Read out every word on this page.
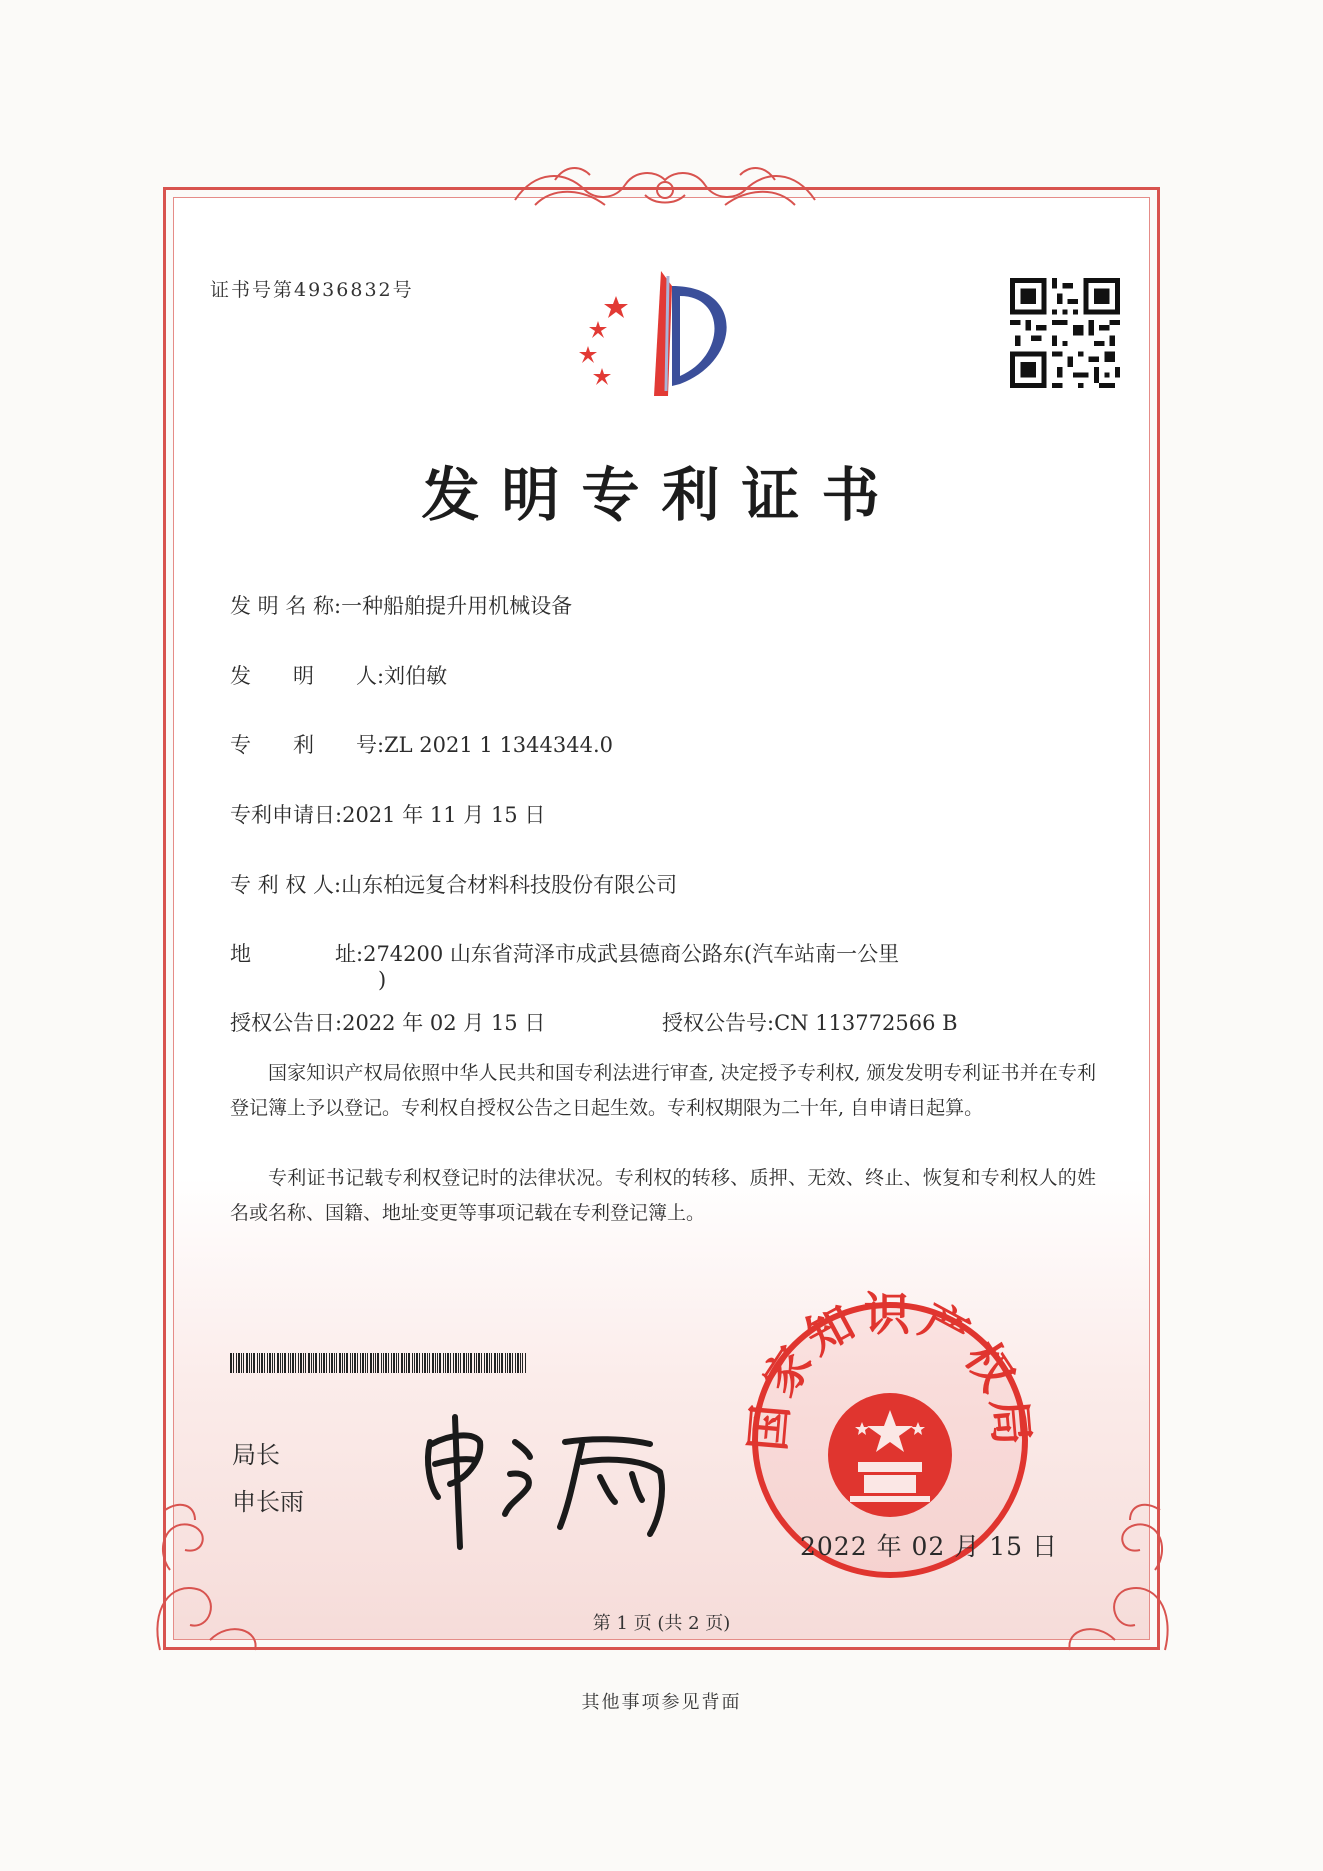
证书号第4936832号
发明专利证书
发 明 名 称:一种船舶提升用机械设备
发　　明　　人:刘伯敏
专　　利　　号:ZL 2021 1 1344344.0
专利申请日:2021 年 11 月 15 日
专 利 权 人:山东柏远复合材料科技股份有限公司
地　　　　址:274200 山东省菏泽市成武县德商公路东(汽车站南一公里
)
授权公告日:2022 年 02 月 15 日	授权公告号:CN 113772566 B
国家知识产权局依照中华人民共和国专利法进行审查, 决定授予专利权, 颁发发明专利证书并在专利登记簿上予以登记。专利权自授权公告之日起生效。专利权期限为二十年, 自申请日起算。
专利证书记载专利权登记时的法律状况。专利权的转移、质押、无效、终止、恢复和专利权人的姓名或名称、国籍、地址变更等事项记载在专利登记簿上。
局长
申长雨
国家知识产权局
2022 年 02 月 15 日
第 1 页 (共 2 页)
其他事项参见背面
